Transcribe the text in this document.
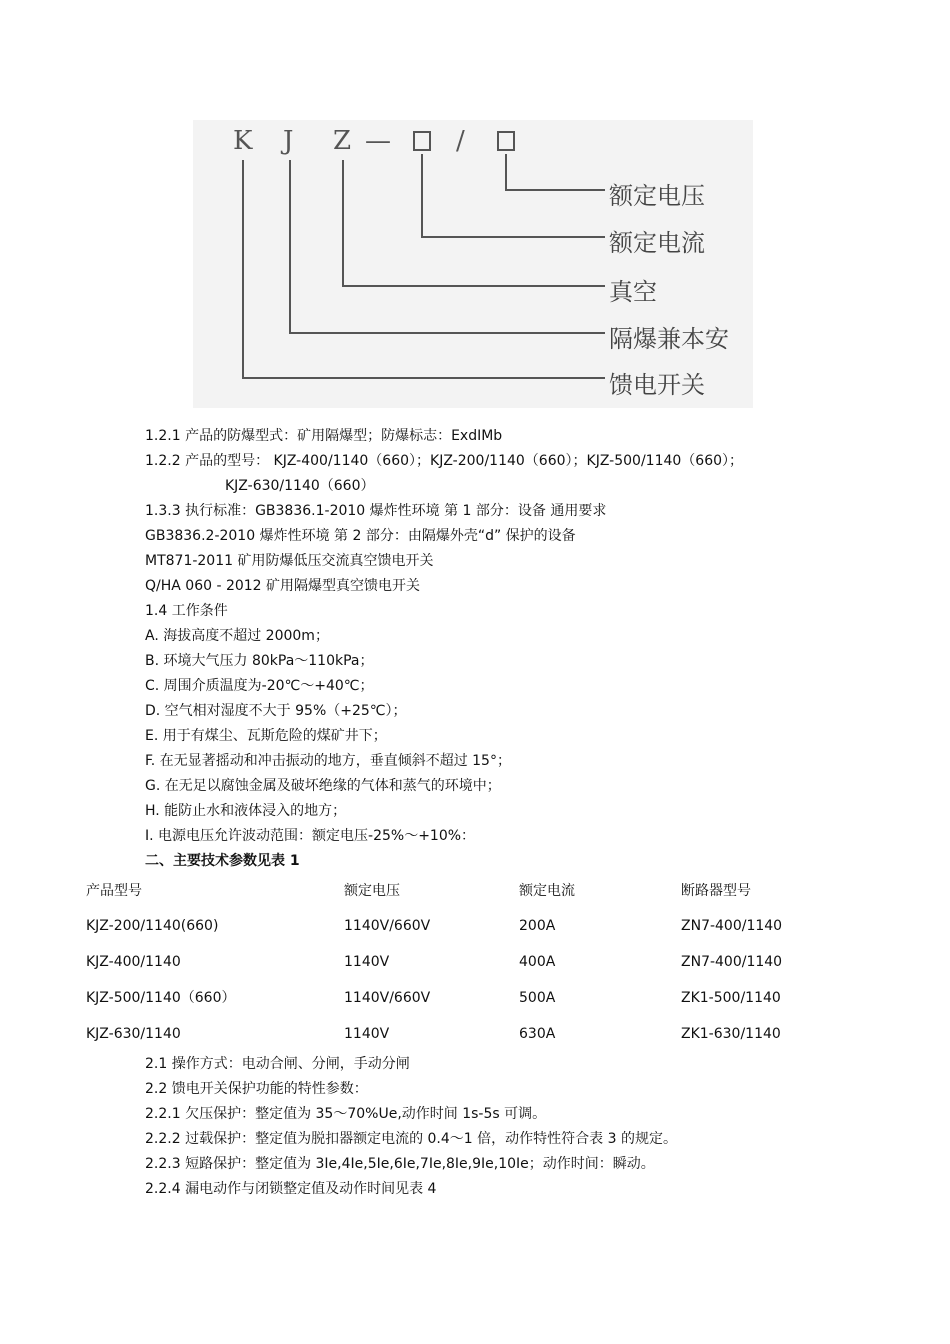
K J Z —	/
额定电压
额定电流
真空
隔爆兼本安
馈电开关
1.2.1 产品的防爆型式：矿用隔爆型；防爆标志：ExdIMb
1.2.2 产品的型号： KJZ-400/1140（660）；KJZ-200/1140（660）；KJZ-500/1140（660）；
KJZ-630/1140（660）
1.3.3 执行标准：GB3836.1-2010 爆炸性环境 第 1 部分：设备 通用要求
GB3836.2-2010 爆炸性环境 第 2 部分：由隔爆外壳“d” 保护的设备
MT871-2011 矿用防爆低压交流真空馈电开关
Q/HA 060 - 2012 矿用隔爆型真空馈电开关
1.4 工作条件
A. 海拔高度不超过 2000m；
B. 环境大气压力 80kPa～110kPa；
C. 周围介质温度为-20℃～+40℃；
D. 空气相对湿度不大于 95%（+25℃）；
E. 用于有煤尘、瓦斯危险的煤矿井下；
F. 在无显著摇动和冲击振动的地方，垂直倾斜不超过 15°；
G. 在无足以腐蚀金属及破坏绝缘的气体和蒸气的环境中；
H. 能防止水和液体浸入的地方；
I. 电源电压允许波动范围：额定电压-25%～+10%：
二、主要技术参数见表 1
产品型号	额定电压	额定电流	断路器型号
KJZ-200/1140(660)	1140V/660V	200A	ZN7-400/1140
KJZ-400/1140	1140V	400A	ZN7-400/1140
KJZ-500/1140（660）	1140V/660V	500A	ZK1-500/1140
KJZ-630/1140	1140V	630A	ZK1-630/1140
2.1 操作方式：电动合闸、分闸，手动分闸
2.2 馈电开关保护功能的特性参数：
2.2.1 欠压保护：整定值为 35～70%Ue,动作时间 1s-5s 可调。
2.2.2 过载保护：整定值为脱扣器额定电流的 0.4～1 倍，动作特性符合表 3 的规定。
2.2.3 短路保护：整定值为 3Ie,4Ie,5Ie,6Ie,7Ie,8Ie,9Ie,10Ie；动作时间：瞬动。
2.2.4 漏电动作与闭锁整定值及动作时间见表 4
